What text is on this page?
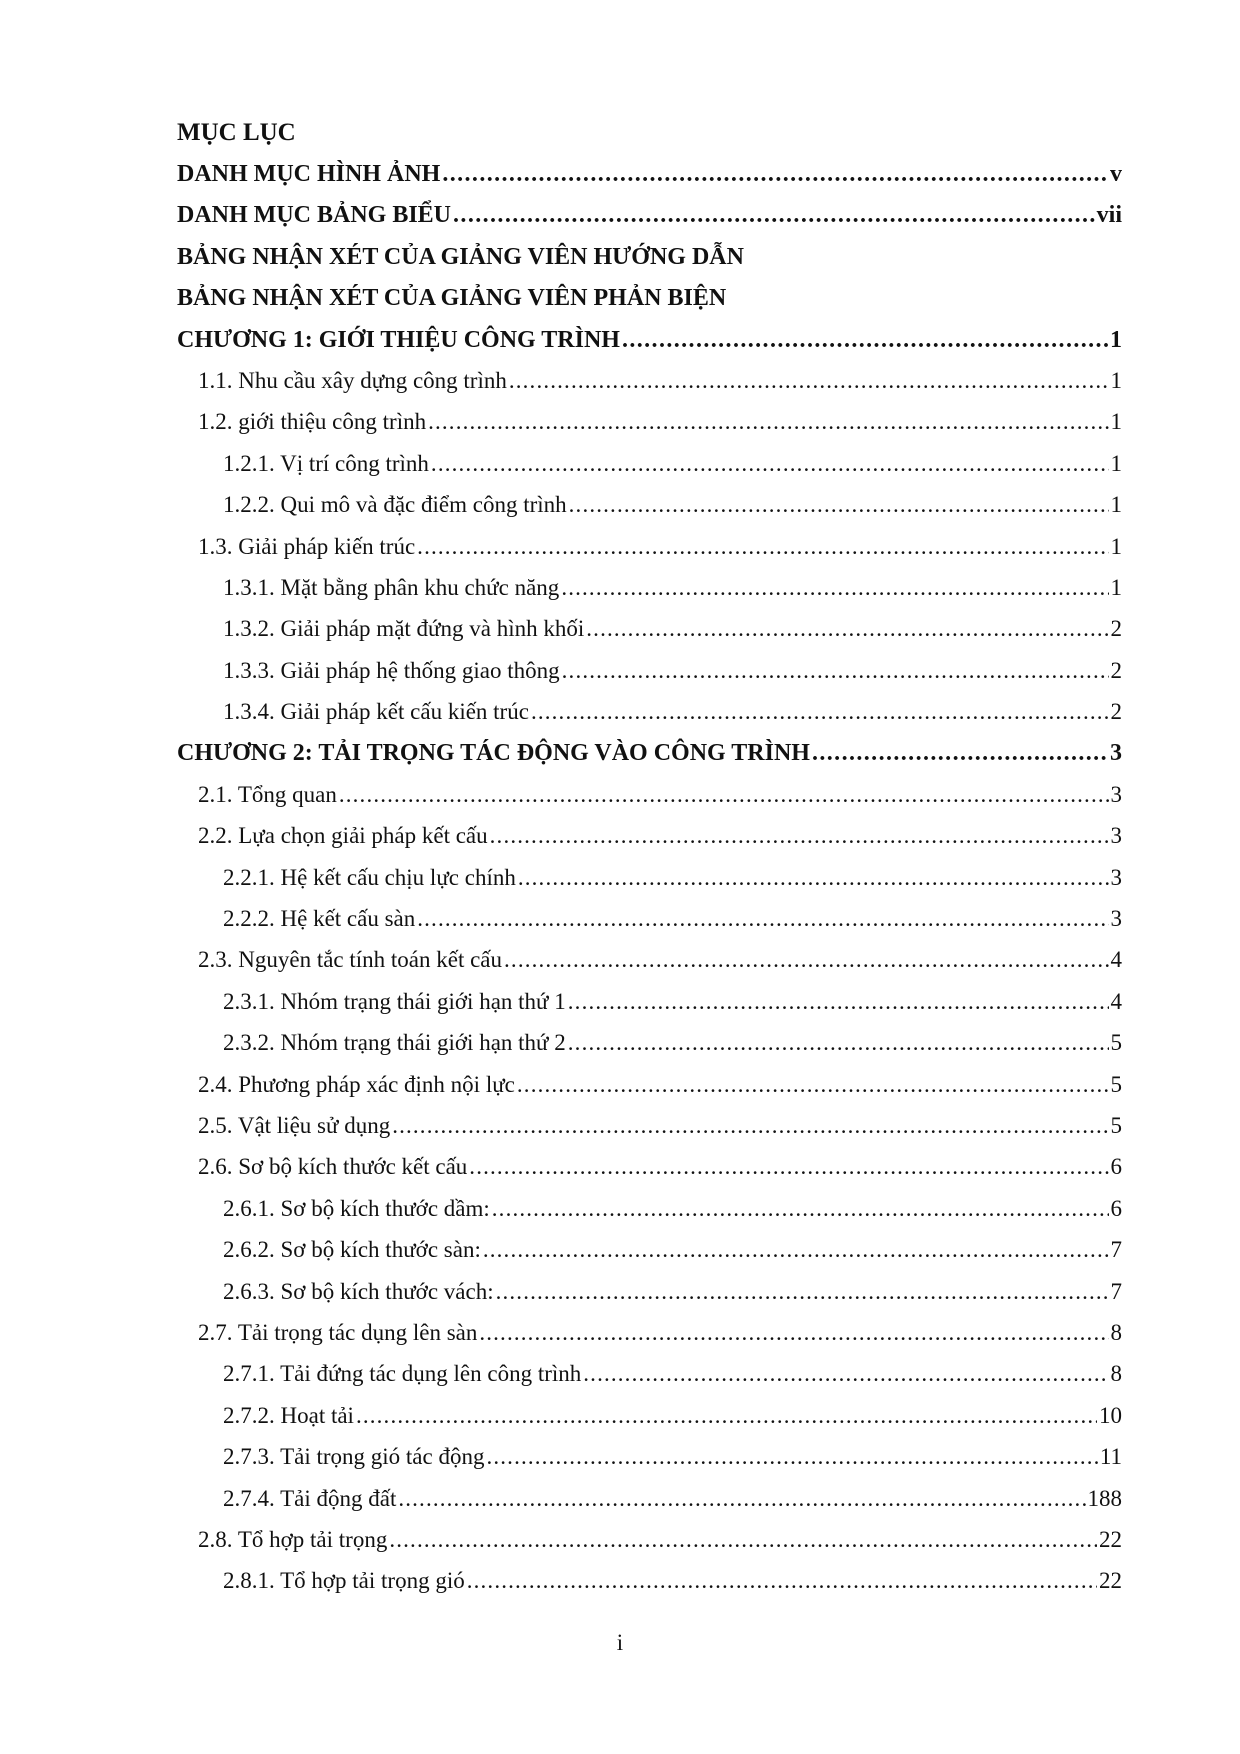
MỤC LỤC
DANH MỤC HÌNH ẢNH . . .	v
DANH MỤC BẢNG BIỂU . . .	vii
BẢNG NHẬN XÉT CỦA GIẢNG VIÊN HƯỚNG DẪN
BẢNG NHẬN XÉT CỦA GIẢNG VIÊN PHẢN BIỆN
CHƯƠNG 1: GIỚI THIỆU CÔNG TRÌNH . . .	1
1.1. Nhu cầu xây dựng công trình . . .	1
1.2. giới thiệu công trình . . .	1
1.2.1. Vị trí công trình . . .	1
1.2.2. Qui mô và đặc điểm công trình . . .	1
1.3. Giải pháp kiến trúc . . .	1
1.3.1. Mặt bằng phân khu chức năng . . .	1
1.3.2. Giải pháp mặt đứng và hình khối . . .	2
1.3.3. Giải pháp hệ thống giao thông . . .	2
1.3.4. Giải pháp kết cấu kiến trúc . . .	2
CHƯƠNG 2: TẢI TRỌNG TÁC ĐỘNG VÀO CÔNG TRÌNH . . .	3
2.1. Tổng quan . . .	3
2.2. Lựa chọn giải pháp kết cấu . . .	3
2.2.1. Hệ kết cấu chịu lực chính . . .	3
2.2.2. Hệ kết cấu sàn . . .	3
2.3. Nguyên tắc tính toán kết cấu . . .	4
2.3.1. Nhóm trạng thái giới hạn thứ 1 . . .	4
2.3.2. Nhóm trạng thái giới hạn thứ 2 . . .	5
2.4. Phương pháp xác định nội lực . . .	5
2.5. Vật liệu sử dụng . . .	5
2.6. Sơ bộ kích thước kết cấu . . .	6
2.6.1. Sơ bộ kích thước dầm: . . .	6
2.6.2. Sơ bộ kích thước sàn: . . .	7
2.6.3. Sơ bộ kích thước vách: . . .	7
2.7. Tải trọng tác dụng lên sàn . . .	8
2.7.1. Tải đứng tác dụng lên công trình . . .	8
2.7.2. Hoạt tải . . .	10
2.7.3. Tải trọng gió tác động . . .	11
2.7.4. Tải động đất . . .	188
2.8. Tổ hợp tải trọng . . .	22
2.8.1. Tổ hợp tải trọng gió . . .	22
i
